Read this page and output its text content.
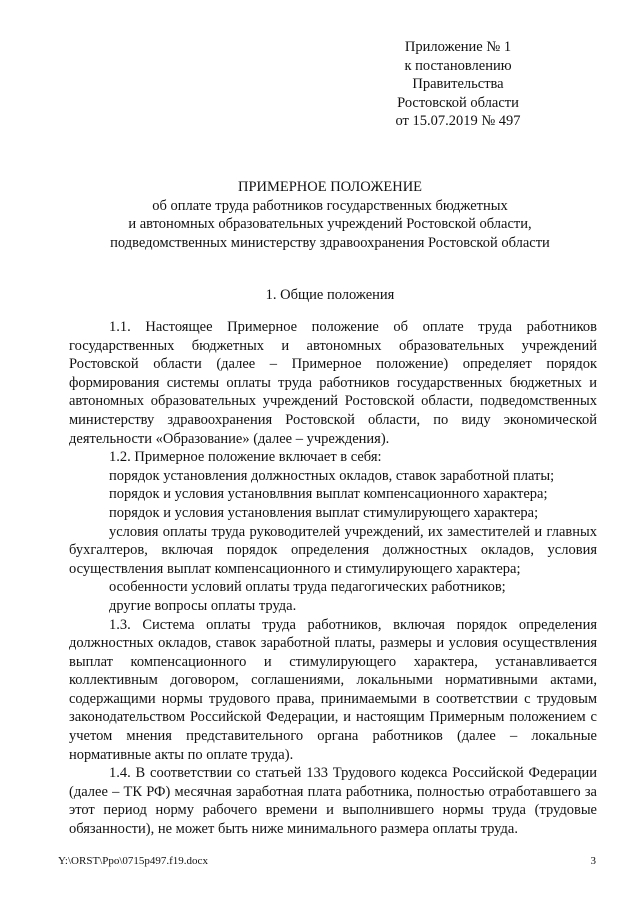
Приложение № 1
к постановлению
Правительства
Ростовской области
от 15.07.2019 № 497
ПРИМЕРНОЕ ПОЛОЖЕНИЕ
об оплате труда работников государственных бюджетных
и автономных образовательных учреждений Ростовской области,
подведомственных министерству здравоохранения Ростовской области
1. Общие положения

1.1. Настоящее Примерное положение об оплате труда работников государственных бюджетных и автономных образовательных учреждений Ростовской области (далее – Примерное положение) определяет порядок формирования системы оплаты труда работников государственных бюджетных и автономных образовательных учреждений Ростовской области, подведомственных министерству здравоохранения Ростовской области, по виду экономической деятельности «Образование» (далее – учреждения).

1.2. Примерное положение включает в себя:

порядок установления должностных окладов, ставок заработной платы;

порядок и условия установлвния выплат компенсационного характера;

порядок и условия установления выплат стимулирующего характера;

условия оплаты труда руководителей учреждений, их заместителей и главных бухгалтеров, включая порядок определения должностных окладов, условия осуществления выплат компенсационного и стимулирующего характера;

особенности условий оплаты труда педагогических работников;

другие вопросы оплаты труда.

1.3. Система оплаты труда работников, включая порядок определения должностных окладов, ставок заработной платы, размеры и условия осуществления выплат компенсационного и стимулирующего характера, устанавливается коллективным договором, соглашениями, локальными нормативными актами, содержащими нормы трудового права, принимаемыми в соответствии с трудовым законодательством Российской Федерации, и настоящим Примерным положением с учетом мнения представительного органа работников (далее – локальные нормативные акты по оплате труда).

1.4. В соответствии со статьей 133 Трудового кодекса Российской Федерации (далее – ТК РФ) месячная заработная плата работника, полностью отработавшего за этот период норму рабочего времени и выполнившего нормы труда (трудовые обязанности), не может быть ниже минимального размера оплаты труда.

Y:\ORST\Ppo\0715p497.f19.docx	3
